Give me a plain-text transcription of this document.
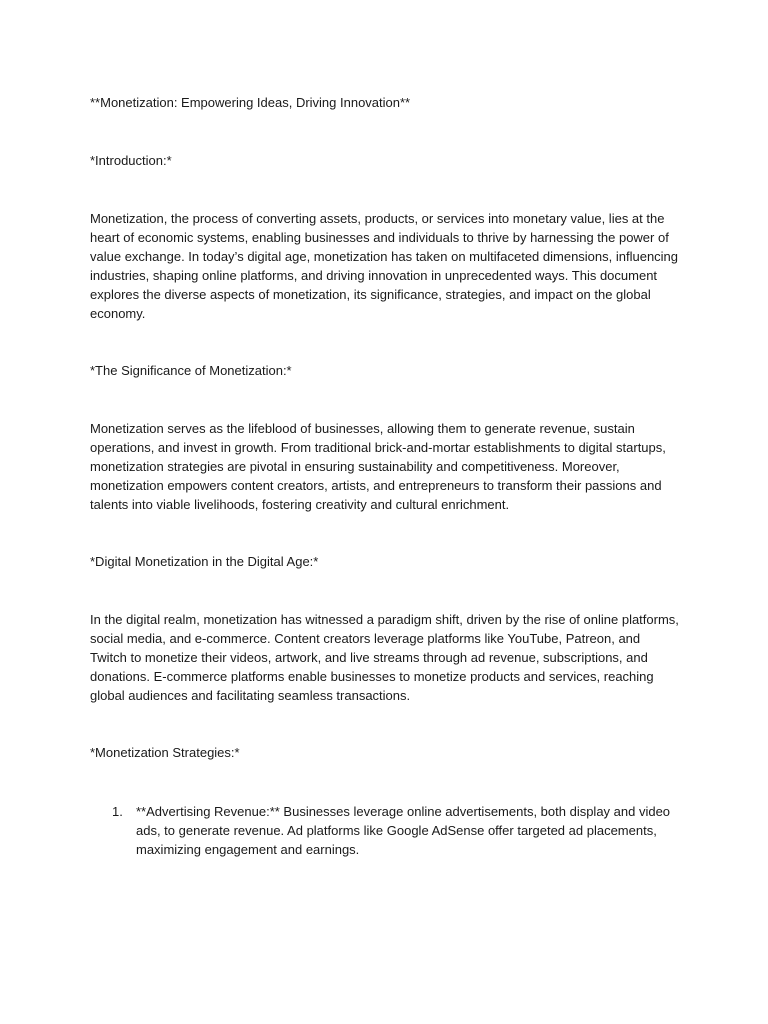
**Monetization: Empowering Ideas, Driving Innovation**
*Introduction:*
Monetization, the process of converting assets, products, or services into monetary value, lies at the heart of economic systems, enabling businesses and individuals to thrive by harnessing the power of value exchange. In today’s digital age, monetization has taken on multifaceted dimensions, influencing industries, shaping online platforms, and driving innovation in unprecedented ways. This document explores the diverse aspects of monetization, its significance, strategies, and impact on the global economy.
*The Significance of Monetization:*
Monetization serves as the lifeblood of businesses, allowing them to generate revenue, sustain operations, and invest in growth. From traditional brick-and-mortar establishments to digital startups, monetization strategies are pivotal in ensuring sustainability and competitiveness. Moreover, monetization empowers content creators, artists, and entrepreneurs to transform their passions and talents into viable livelihoods, fostering creativity and cultural enrichment.
*Digital Monetization in the Digital Age:*
In the digital realm, monetization has witnessed a paradigm shift, driven by the rise of online platforms, social media, and e-commerce. Content creators leverage platforms like YouTube, Patreon, and Twitch to monetize their videos, artwork, and live streams through ad revenue, subscriptions, and donations. E-commerce platforms enable businesses to monetize products and services, reaching global audiences and facilitating seamless transactions.
*Monetization Strategies:*
1.	**Advertising Revenue:** Businesses leverage online advertisements, both display and video ads, to generate revenue. Ad platforms like Google AdSense offer targeted ad placements, maximizing engagement and earnings.
